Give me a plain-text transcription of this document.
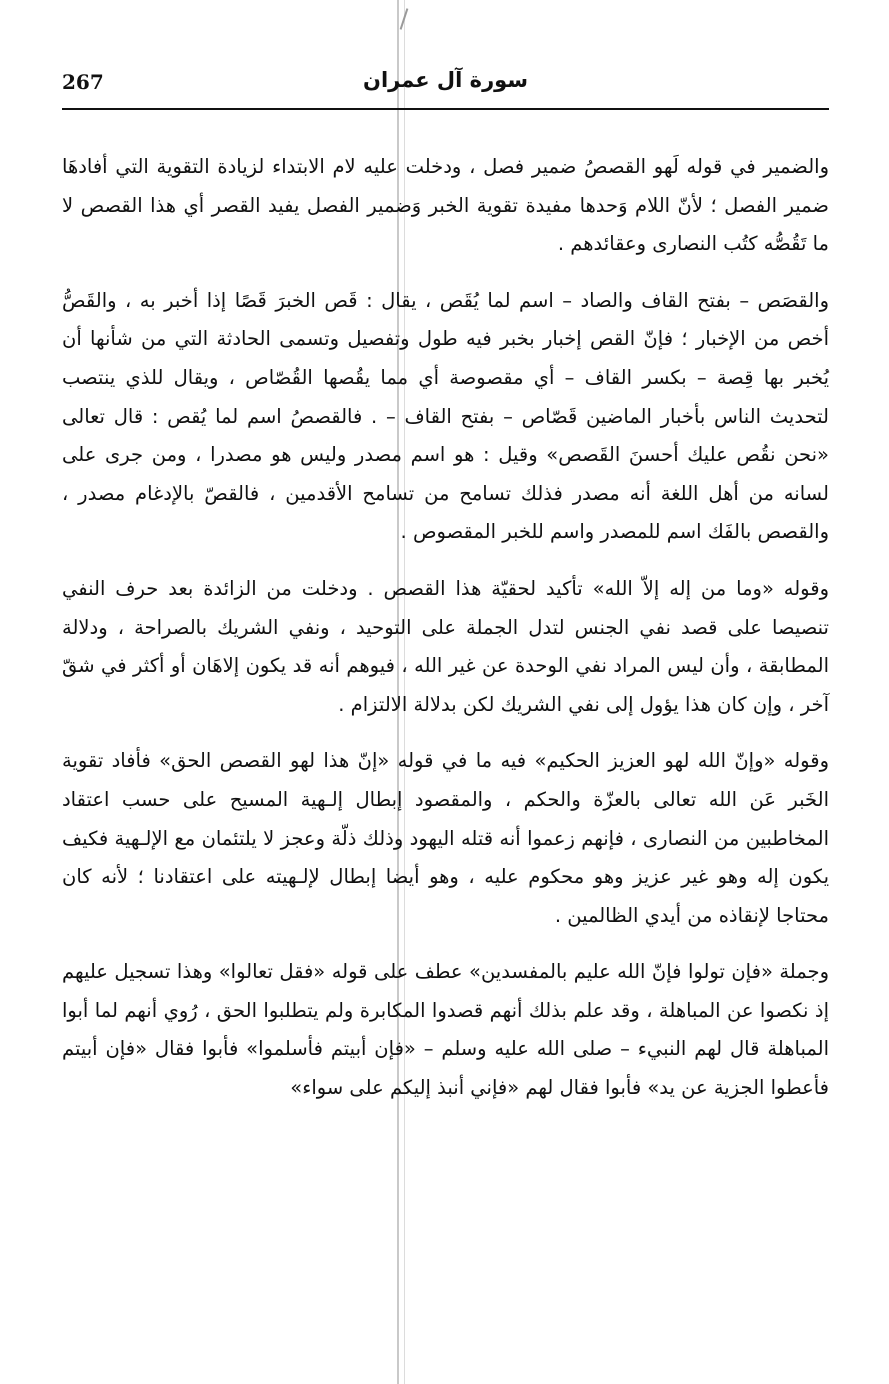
267	سورة آل عمران

والضمير في قوله لَهو القصصُ ضمير فصل ، ودخلت عليه لام الابتداء لزيادة التقوية التي أفادهَا ضمير الفصل ؛ لأنّ اللام وَحدها مفيدة تقوية الخبر وَضمير الفصل يفيد القصر أي هذا القصص لا ما تَقُصُّه كتُب النصارى وعقائدهم .

والقصَص – بفتح القاف والصاد – اسم لما يُقَص ، يقال : قَص الخبرَ قَصًا إذا أخبر به ، والقَصُّ أخص من الإخبار ؛ فإنّ القص إخبار بخبر فيه طول وتفصيل وتسمى الحادثة التي من شأنها أن يُخبر بها قِصة – بكسر القاف – أي مقصوصة أي مما يقُصها القُصّاص ، ويقال للذي ينتصب لتحديث الناس بأخبار الماضين قَصّاص – بفتح القاف – . فالقصصُ اسم لما يُقص : قال تعالى «نحن نقُص عليك أحسنَ القَصص» وقيل : هو اسم مصدر وليس هو مصدرا ، ومن جرى على لسانه من أهل اللغة أنه مصدر فذلك تسامح من تسامح الأقدمين ، فالقصّ بالإدغام مصدر ، والقصص بالفَك اسم للمصدر واسم للخبر المقصوص .

وقوله «وما من إله إلاّ الله» تأكيد لحقيّة هذا القصص . ودخلت من الزائدة بعد حرف النفي تنصيصا على قصد نفي الجنس لتدل الجملة على التوحيد ، ونفي الشريك بالصراحة ، ودلالة المطابقة ، وأن ليس المراد نفي الوحدة عن غير الله ، فيوهم أنه قد يكون إلاهَان أو أكثر في شقّ آخر ، وإن كان هذا يؤول إلى نفي الشريك لكن بدلالة الالتزام .

وقوله «وإنّ الله لهو العزيز الحكيم» فيه ما في قوله «إنّ هذا لهو القصص الحق» فأفاد تقوية الخَبر عَن الله تعالى بالعزّة والحكم ، والمقصود إبطال إلـهية المسيح على حسب اعتقاد المخاطبين من النصارى ، فإنهم زعموا أنه قتله اليهود وذلك ذلّة وعجز لا يلتئمان مع الإلـهية فكيف يكون إله وهو غير عزيز وهو محكوم عليه ، وهو أيضا إبطال لإلـهيته على اعتقادنا ؛ لأنه كان محتاجا لإنقاذه من أيدي الظالمين .

وجملة «فإن تولوا فإنّ الله عليم بالمفسدين» عطف على قوله «فقل تعالوا» وهذا تسجيل عليهم إذ نكصوا عن المباهلة ، وقد علم بذلك أنهم قصدوا المكابرة ولم يتطلبوا الحق ، رُوي أنهم لما أبوا المباهلة قال لهم النبيء – صلى الله عليه وسلم – «فإن أبيتم فأسلموا» فأبوا فقال «فإن أبيتم فأعطوا الجزية عن يد» فأبوا فقال لهم «فإني أنبذ إليكم على سواء»
